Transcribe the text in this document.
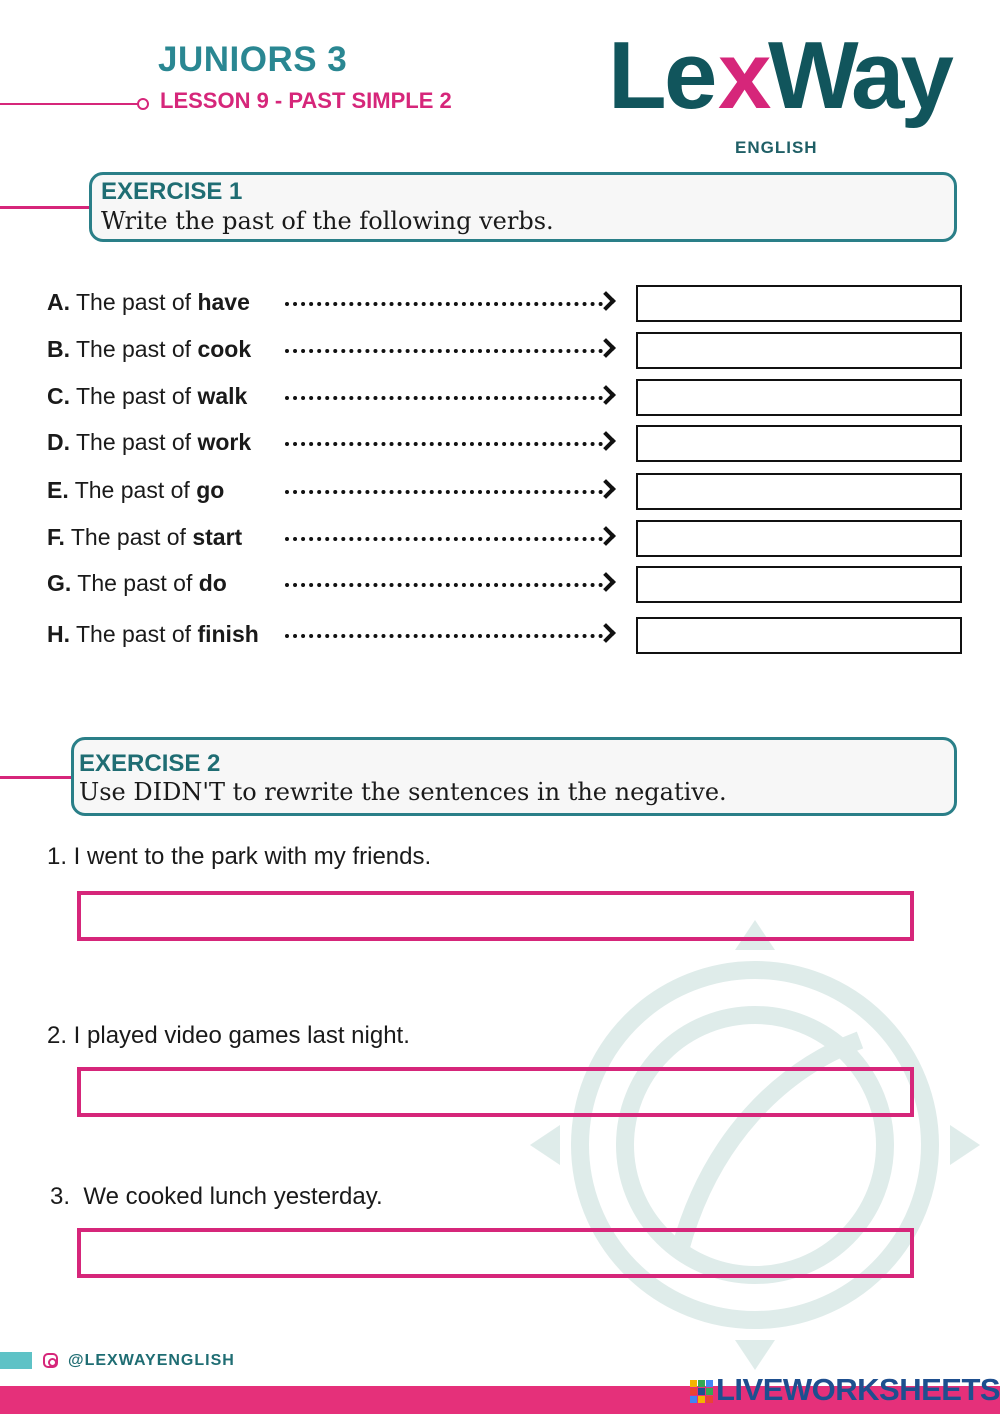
JUNIORS 3
LESSON 9 - PAST SIMPLE 2 L e x
Way
ENGLISH
EXERCISE 1
Write the past of the following verbs.
A. The past of have
B. The past of cook
C. The past of walk
D. The past of work
E. The past of go
F. The past of start
G. The past of do
H. The past of finish
EXERCISE 2
Use DIDN'T to rewrite the sentences in the negative.
1. I went to the park with my friends.
2. I played video games last night.
3.  We cooked lunch yesterday.
@LEXWAYENGLISH
LIVEWORKSHEETS
